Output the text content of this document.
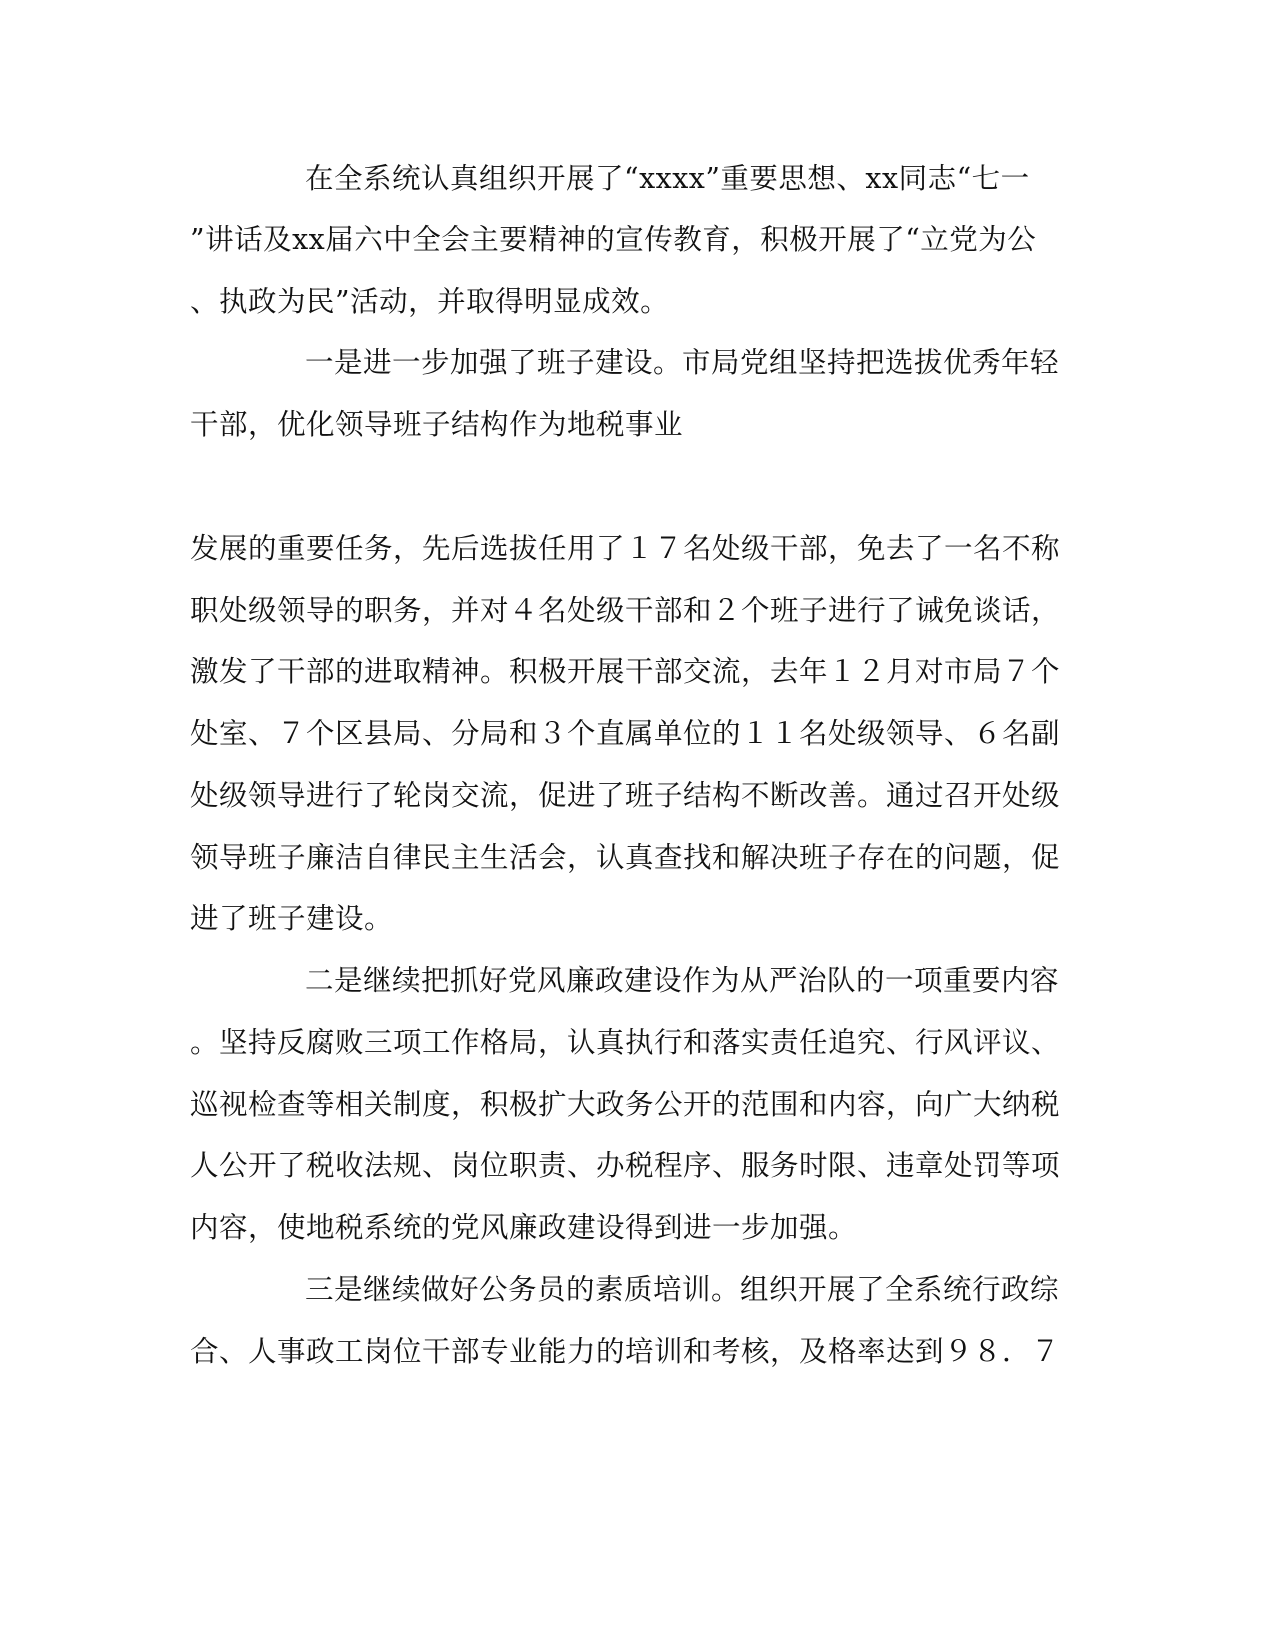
在全系统认真组织开展了“xxxx”重要思想、xx同志“七一
”讲话及xx届六中全会主要精神的宣传教育，积极开展了“立党为公
、执政为民”活动，并取得明显成效。
一是进一步加强了班子建设。市局党组坚持把选拔优秀年轻
干部，优化领导班子结构作为地税事业
发展的重要任务，先后选拔任用了１７名处级干部，免去了一名不称
职处级领导的职务，并对４名处级干部和２个班子进行了诫免谈话，
激发了干部的进取精神。积极开展干部交流，去年１２月对市局７个
处室、７个区县局、分局和３个直属单位的１１名处级领导、６名副
处级领导进行了轮岗交流，促进了班子结构不断改善。通过召开处级
领导班子廉洁自律民主生活会，认真查找和解决班子存在的问题，促
进了班子建设。
二是继续把抓好党风廉政建设作为从严治队的一项重要内容
。坚持反腐败三项工作格局，认真执行和落实责任追究、行风评议、
巡视检查等相关制度，积极扩大政务公开的范围和内容，向广大纳税
人公开了税收法规、岗位职责、办税程序、服务时限、违章处罚等项
内容，使地税系统的党风廉政建设得到进一步加强。
三是继续做好公务员的素质培训。组织开展了全系统行政综
合、人事政工岗位干部专业能力的培训和考核，及格率达到９８．７
